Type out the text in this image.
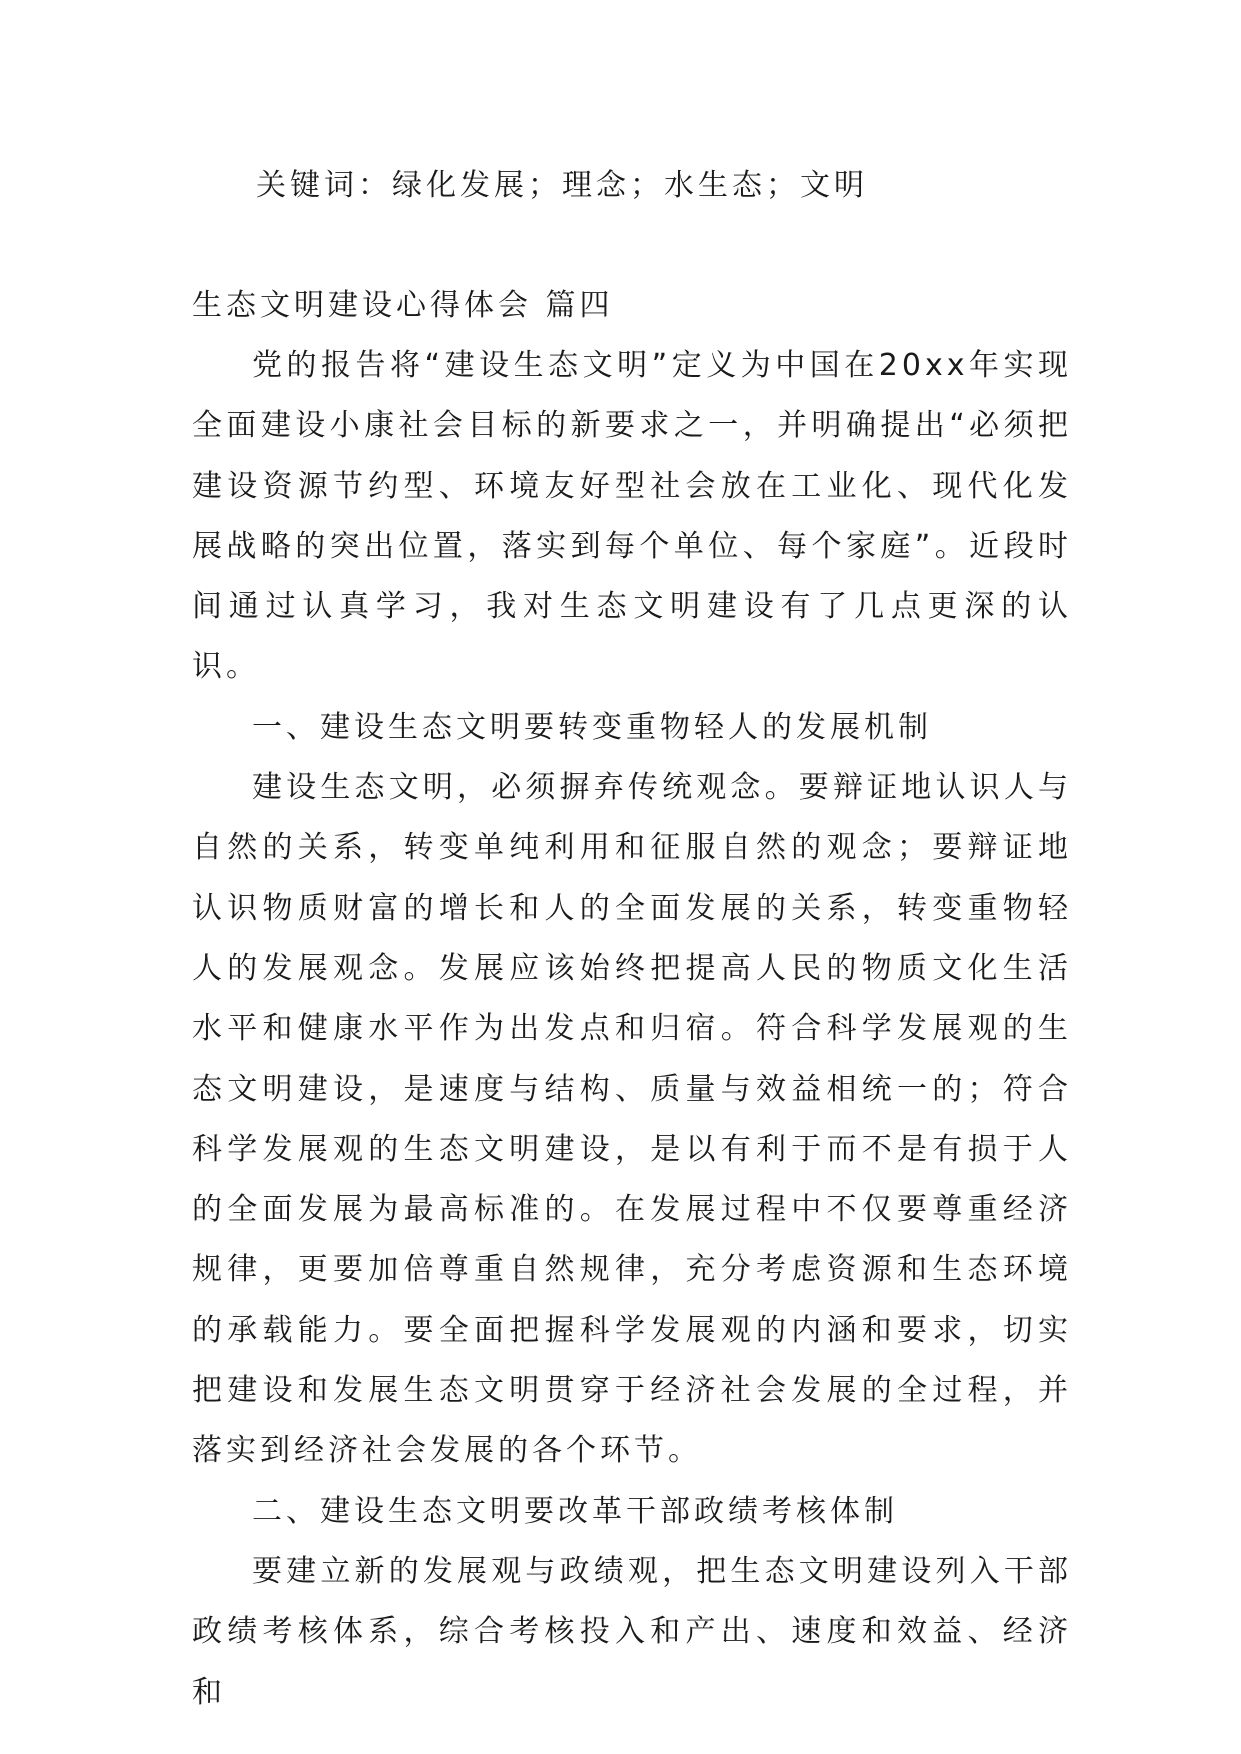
关键词：绿化发展；理念；水生态；文明

生态文明建设心得体会 篇四

党的报告将“建设生态文明”定义为中国在20xx年实现全面建设小康社会目标的新要求之一，并明确提出“必须把建设资源节约型、环境友好型社会放在工业化、现代化发展战略的突出位置，落实到每个单位、每个家庭”。近段时间通过认真学习，我对生态文明建设有了几点更深的认识。

一、建设生态文明要转变重物轻人的发展机制

建设生态文明，必须摒弃传统观念。要辩证地认识人与自然的关系，转变单纯利用和征服自然的观念；要辩证地认识物质财富的增长和人的全面发展的关系，转变重物轻人的发展观念。发展应该始终把提高人民的物质文化生活水平和健康水平作为出发点和归宿。符合科学发展观的生态文明建设，是速度与结构、质量与效益相统一的；符合科学发展观的生态文明建设，是以有利于而不是有损于人的全面发展为最高标准的。在发展过程中不仅要尊重经济规律，更要加倍尊重自然规律，充分考虑资源和生态环境的承载能力。要全面把握科学发展观的内涵和要求，切实把建设和发展生态文明贯穿于经济社会发展的全过程，并落实到经济社会发展的各个环节。

二、建设生态文明要改革干部政绩考核体制

要建立新的发展观与政绩观，把生态文明建设列入干部政绩考核体系，综合考核投入和产出、速度和效益、经济和
